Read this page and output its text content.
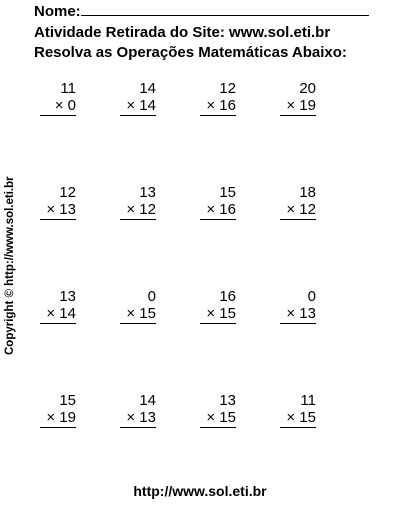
Nome:
Atividade Retirada do Site: www.sol.eti.br
Resolva as Operações Matemáticas Abaixo:
Copyright © http://www.sol.eti.br
11
× 0
14
× 14
12
× 16
20
× 19
12
× 13
13
× 12
15
× 16
18
× 12
13
× 14
0
× 15
16
× 15
0
× 13
15
× 19
14
× 13
13
× 15
11
× 15
http://www.sol.eti.br
